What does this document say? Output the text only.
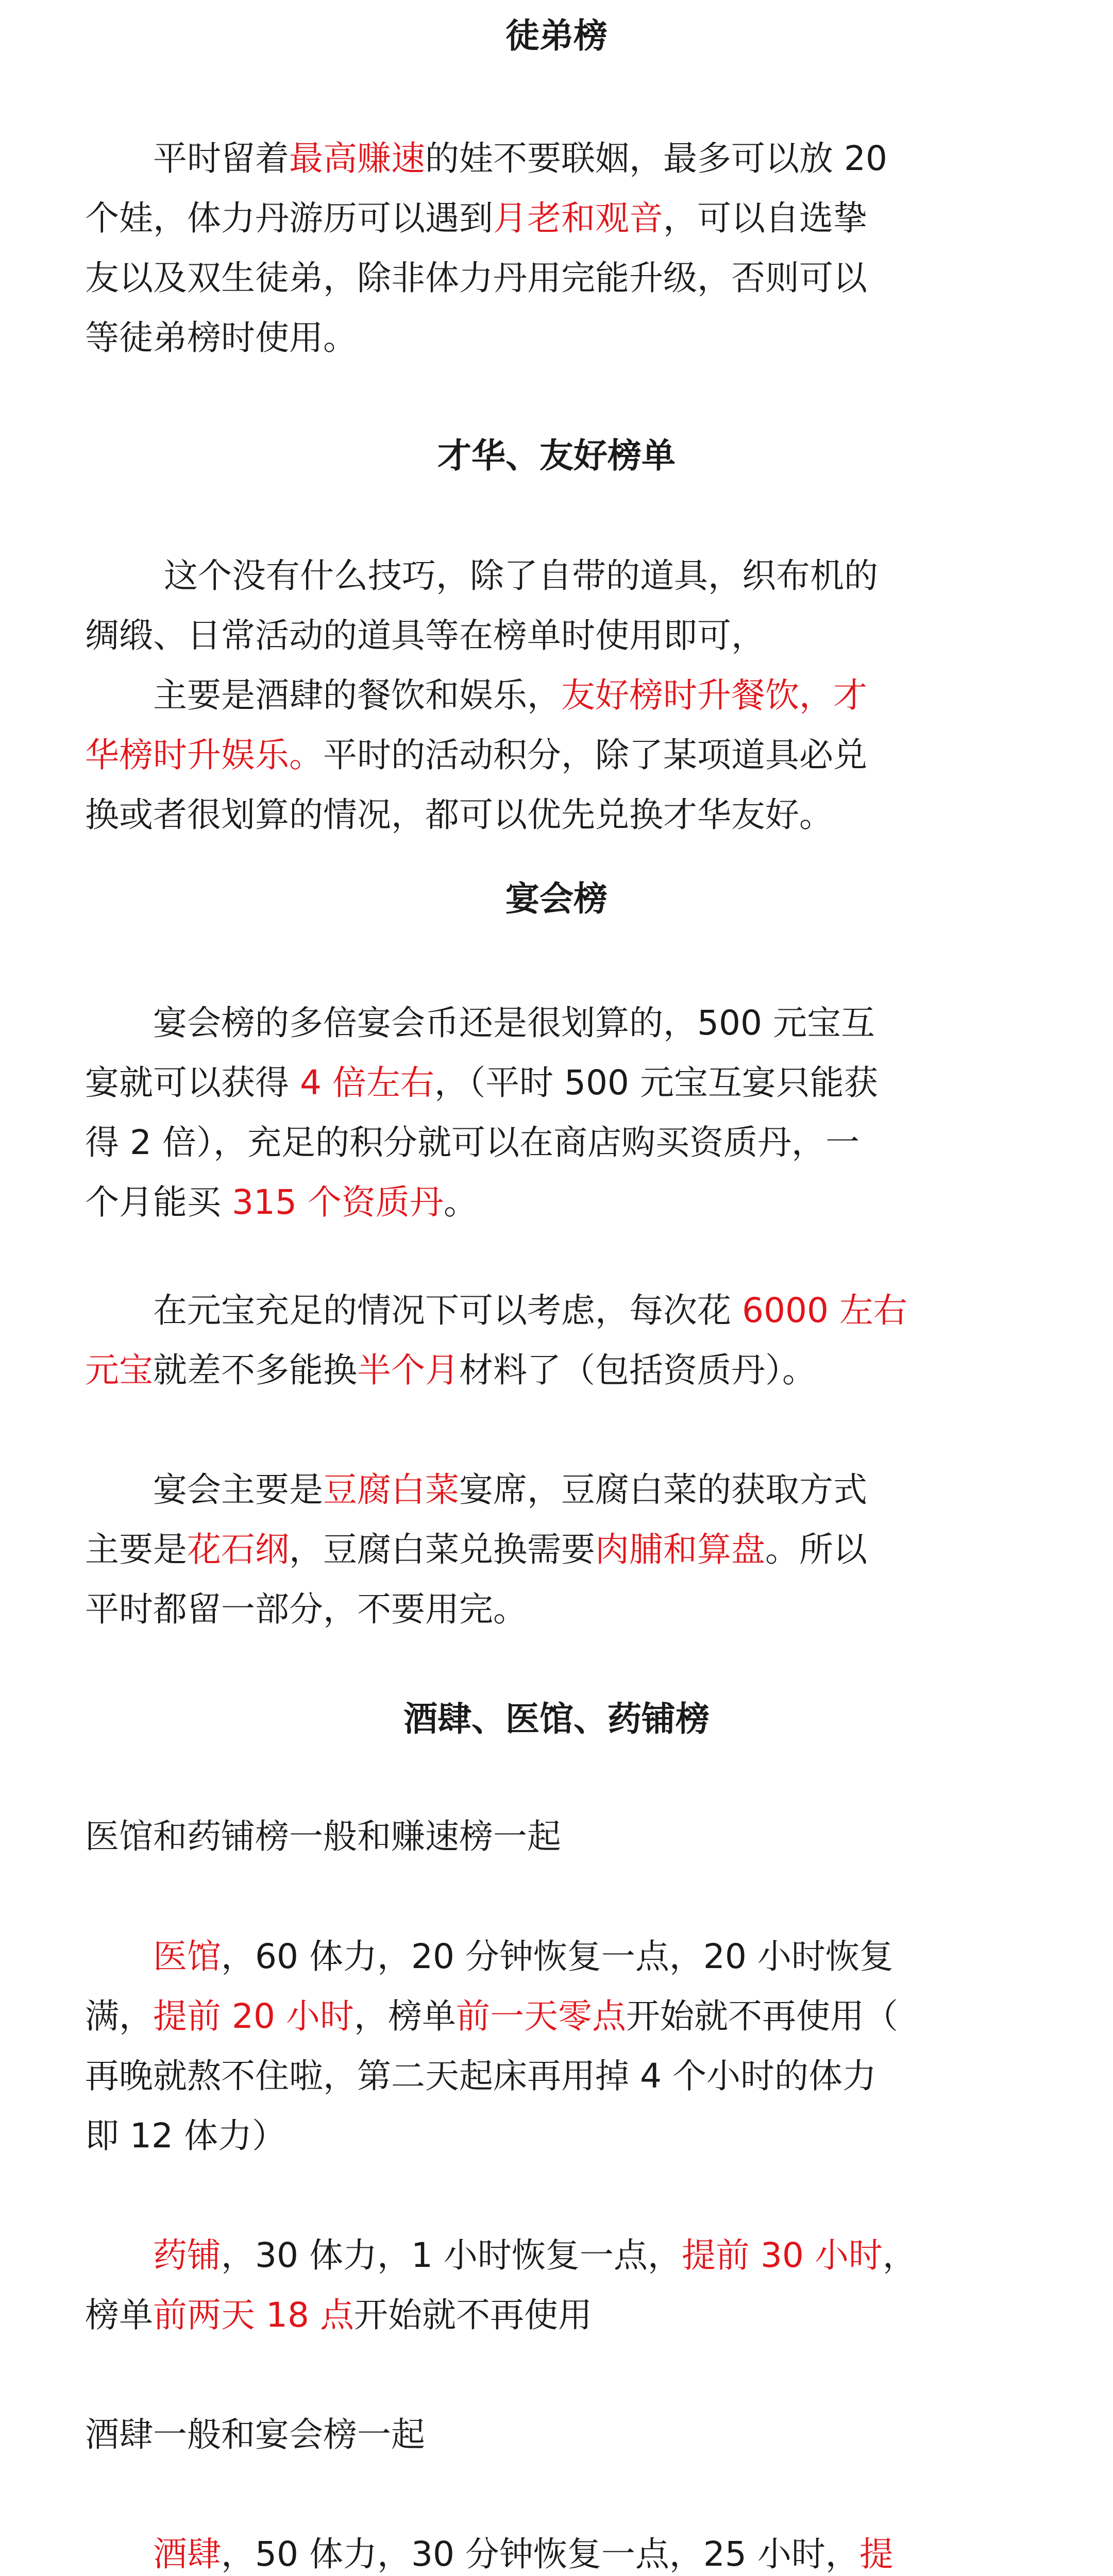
徒弟榜
　　平时留着最高赚速的娃不要联姻，最多可以放 20
个娃，体力丹游历可以遇到月老和观音，可以自选挚
友以及双生徒弟，除非体力丹用完能升级，否则可以
等徒弟榜时使用。
才华、友好榜单
　　 这个没有什么技巧，除了自带的道具，织布机的
绸缎、日常活动的道具等在榜单时使用即可，
　　主要是酒肆的餐饮和娱乐，友好榜时升餐饮，才
华榜时升娱乐。平时的活动积分，除了某项道具必兑
换或者很划算的情况，都可以优先兑换才华友好。
宴会榜
　　宴会榜的多倍宴会币还是很划算的，500 元宝互
宴就可以获得 4 倍左右，（平时 500 元宝互宴只能获
得 2 倍），充足的积分就可以在商店购买资质丹，一
个月能买 315 个资质丹。
　　在元宝充足的情况下可以考虑，每次花 6000 左右
元宝就差不多能换半个月材料了（包括资质丹）。
　　宴会主要是豆腐白菜宴席，豆腐白菜的获取方式
主要是花石纲，豆腐白菜兑换需要肉脯和算盘。所以
平时都留一部分，不要用完。
酒肆、医馆、药铺榜
医馆和药铺榜一般和赚速榜一起
　　医馆，60 体力，20 分钟恢复一点，20 小时恢复
满，提前 20 小时，榜单前一天零点开始就不再使用（
再晚就熬不住啦，第二天起床再用掉 4 个小时的体力
即 12 体力）
　　药铺，30 体力，1 小时恢复一点，提前 30 小时，
榜单前两天 18 点开始就不再使用
酒肆一般和宴会榜一起
　　酒肆，50 体力，30 分钟恢复一点，25 小时，提
